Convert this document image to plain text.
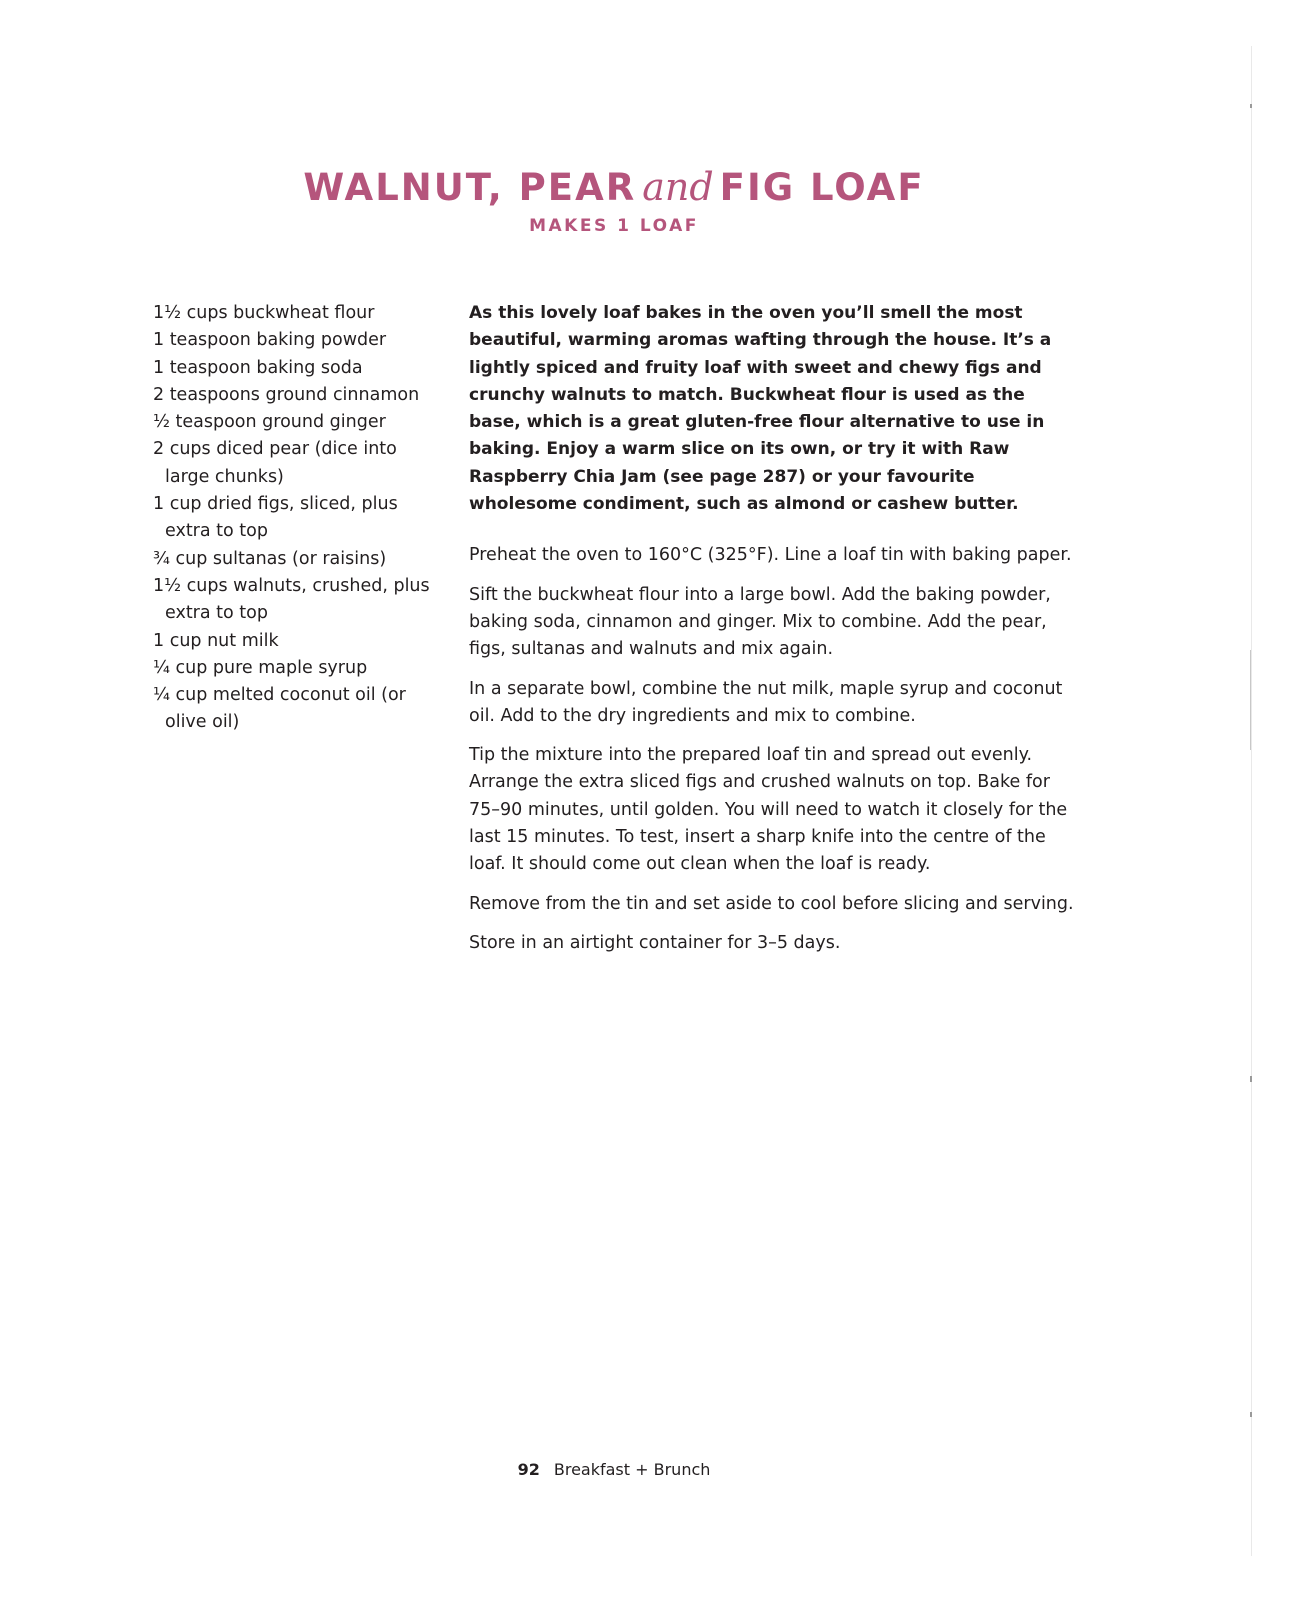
WALNUT, PEAR and FIG LOAF
MAKES 1 LOAF
1½ cups buckwheat flour
1 teaspoon baking powder
1 teaspoon baking soda
2 teaspoons ground cinnamon
½ teaspoon ground ginger
2 cups diced pear (dice into large chunks)
1 cup dried figs, sliced, plus extra to top
¾ cup sultanas (or raisins)
1½ cups walnuts, crushed, plus extra to top
1 cup nut milk
¼ cup pure maple syrup
¼ cup melted coconut oil (or olive oil)

As this lovely loaf bakes in the oven you’ll smell the most beautiful, warming aromas wafting through the house. It’s a lightly spiced and fruity loaf with sweet and chewy figs and crunchy walnuts to match. Buckwheat flour is used as the base, which is a great gluten-free flour alternative to use in baking. Enjoy a warm slice on its own, or try it with Raw Raspberry Chia Jam (see page 287) or your favourite wholesome condiment, such as almond or cashew butter.

Preheat the oven to 160°C (325°F). Line a loaf tin with baking paper.

Sift the buckwheat flour into a large bowl. Add the baking powder, baking soda, cinnamon and ginger. Mix to combine. Add the pear, figs, sultanas and walnuts and mix again.

In a separate bowl, combine the nut milk, maple syrup and coconut oil. Add to the dry ingredients and mix to combine.

Tip the mixture into the prepared loaf tin and spread out evenly. Arrange the extra sliced figs and crushed walnuts on top. Bake for 75–90 minutes, until golden. You will need to watch it closely for the last 15 minutes. To test, insert a sharp knife into the centre of the loaf. It should come out clean when the loaf is ready.

Remove from the tin and set aside to cool before slicing and serving.

Store in an airtight container for 3–5 days.

92 Breakfast + Brunch
